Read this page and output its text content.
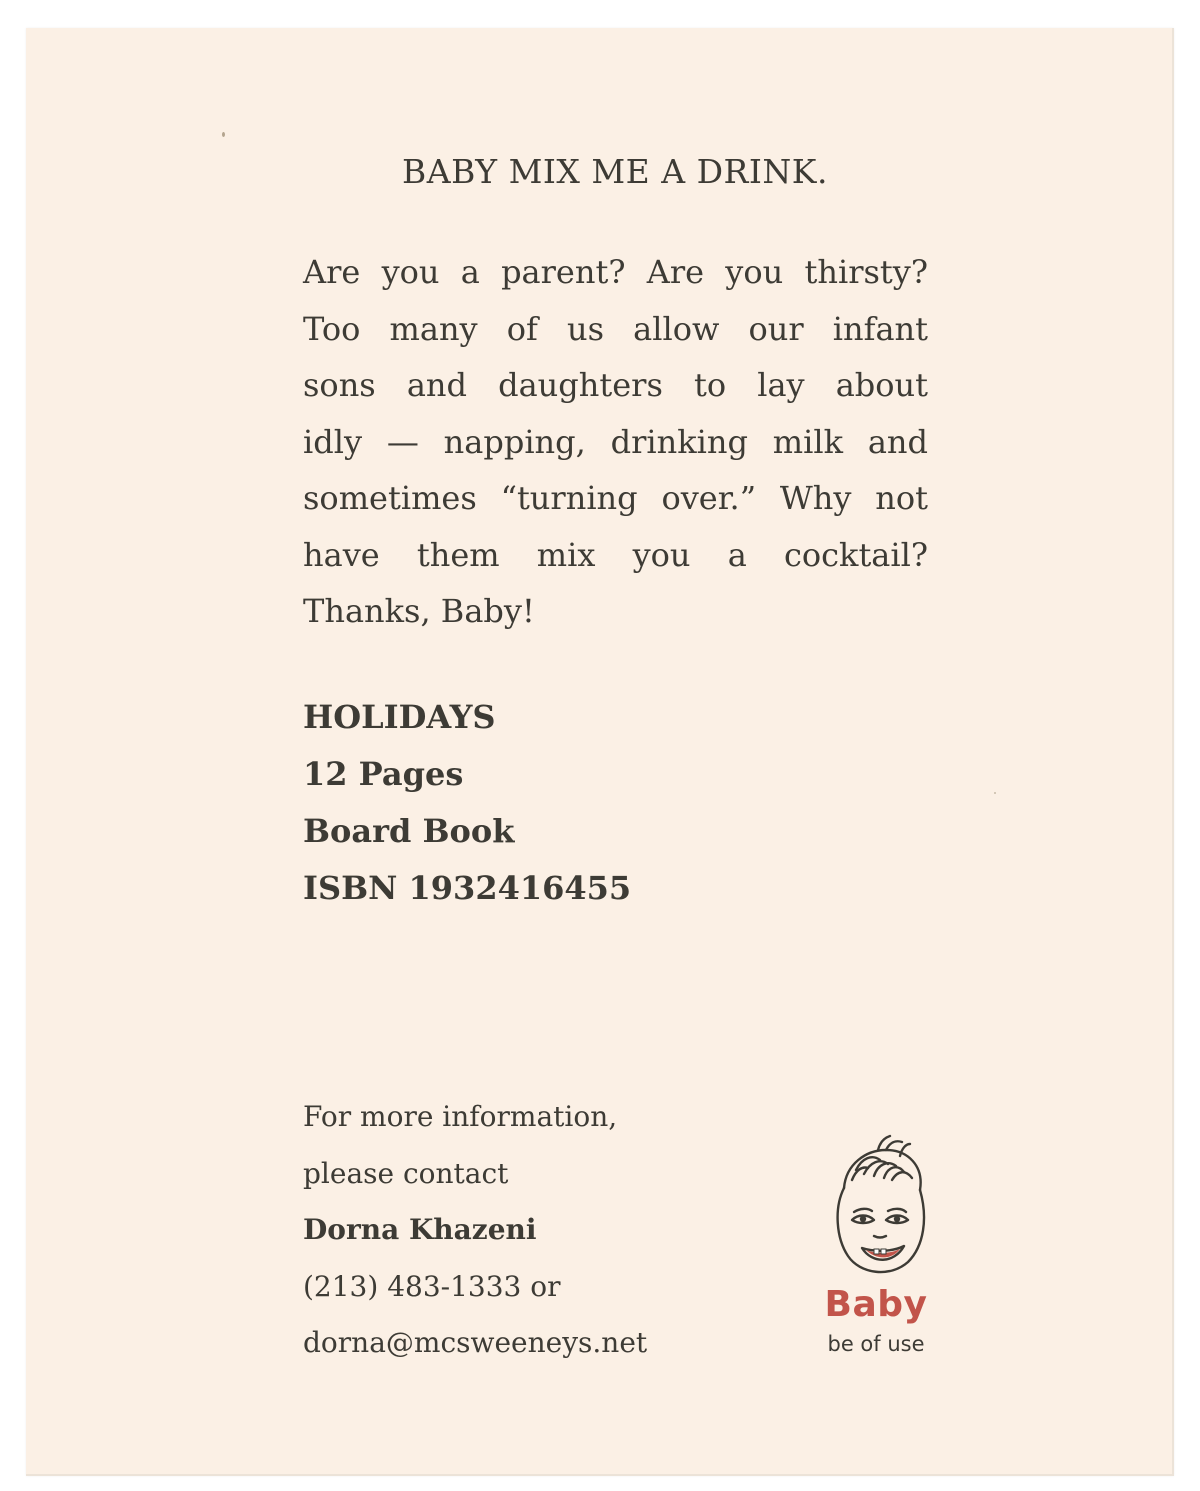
BABY MIX ME A DRINK.
Are you a parent? Are you thirsty?
Too many of us allow our infant
sons and daughters to lay about
idly — napping, drinking milk and
sometimes “turning over.” Why not
have them mix you a cocktail?
Thanks, Baby!
HOLIDAYS
12 Pages
Board Book
ISBN 1932416455
For more information,
please contact
Dorna Khazeni
(213) 483-1333 or
dorna@mcsweeneys.net
Baby
be of use
